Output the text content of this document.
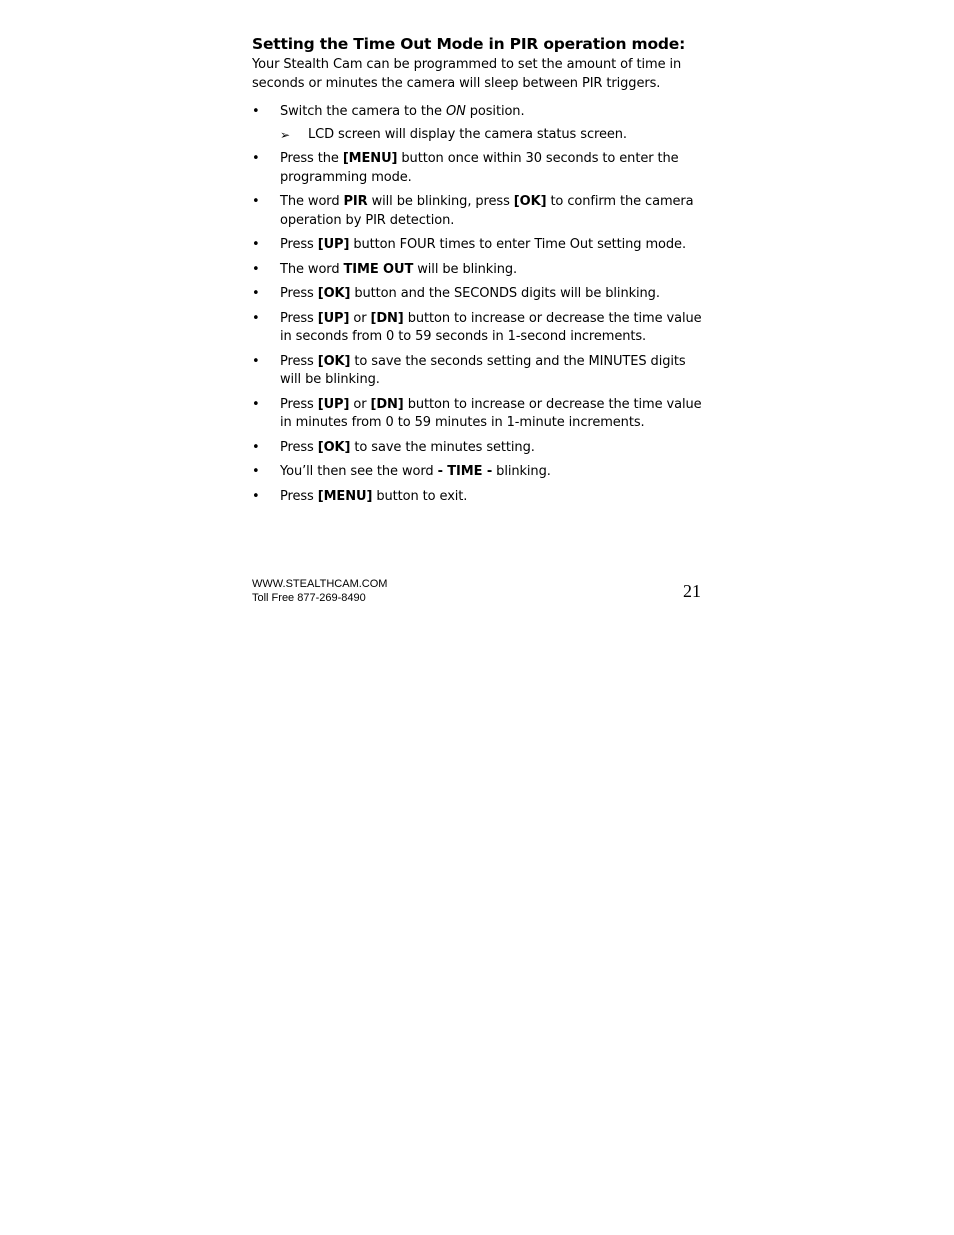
Setting the Time Out Mode in PIR operation mode:

Your Stealth Cam can be programmed to set the amount of time in seconds or minutes the camera will sleep between PIR triggers.

• Switch the camera to the ON position.
➢ LCD screen will display the camera status screen.
• Press the [MENU] button once within 30 seconds to enter the programming mode.
• The word PIR will be blinking, press [OK] to confirm the camera operation by PIR detection.
• Press [UP] button FOUR times to enter Time Out setting mode.
• The word TIME OUT will be blinking.
• Press [OK] button and the SECONDS digits will be blinking.
• Press [UP] or [DN] button to increase or decrease the time value in seconds from 0 to 59 seconds in 1-second increments.
• Press [OK] to save the seconds setting and the MINUTES digits will be blinking.
• Press [UP] or [DN] button to increase or decrease the time value in minutes from 0 to 59 minutes in 1-minute increments.
• Press [OK] to save the minutes setting.
• You’ll then see the word - TIME - blinking.
• Press [MENU] button to exit.
WWW.STEALTHCAM.COM
Toll Free 877-269-8490	21
